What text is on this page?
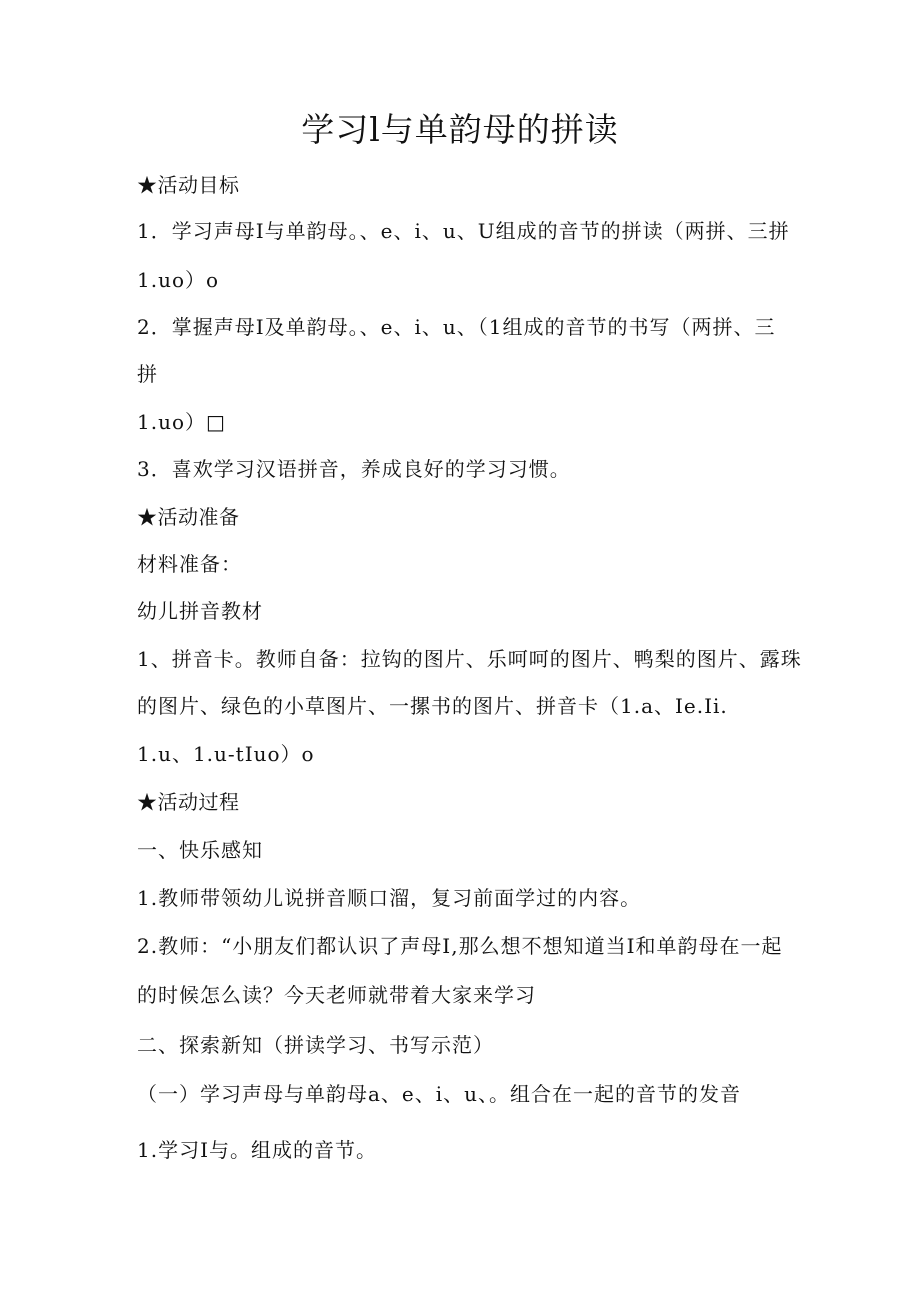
学习l与单韵母的拼读
★活动目标
1．学习声母I与单韵母。、e、i、u、U组成的音节的拼读（两拼、三拼
1.uo）o
2．掌握声母I及单韵母。、e、i、u、（1组成的音节的书写（两拼、三
拼
1.uo）□
3．喜欢学习汉语拼音，养成良好的学习习惯。
★活动准备
材料准备：
幼儿拼音教材
1、拼音卡。教师自备：拉钩的图片、乐呵呵的图片、鸭梨的图片、露珠
的图片、绿色的小草图片、一摞书的图片、拼音卡（1.a、Ie.Ii.
1.u、1.u-tIuo）o
★活动过程
一、快乐感知
1.教师带领幼儿说拼音顺口溜，复习前面学过的内容。
2.教师：“小朋友们都认识了声母I,那么想不想知道当I和单韵母在一起
的时候怎么读？今天老师就带着大家来学习
二、探索新知（拼读学习、书写示范）
（一）学习声母与单韵母a、e、i、u、。组合在一起的音节的发音
1.学习I与。组成的音节。
